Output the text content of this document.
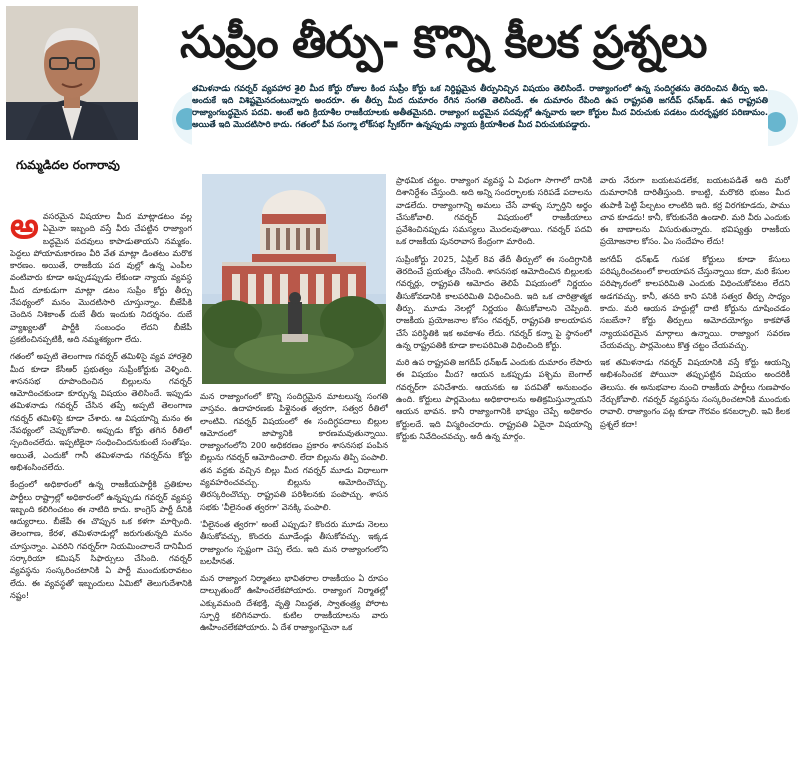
గుమ్మడిదల రంగారావు
సుప్రీం తీర్పు- కొన్ని కీలక ప్రశ్నలు
తమిళనాడు గవర్నర్ వ్యవహార శైలి మీద కోర్టు రోజుల కింద సుప్రీం కోర్టు ఒక నిర్దిష్టమైన తీర్పునిచ్చిన విషయం తెలిసిందే. రాజ్యాంగంలో ఉన్న సందిగ్ధతను తెరదించిన తీర్పు ఇది. అందుకే ఇది విశిష్టమైనదంటున్నారు అందరూ. ఈ తీర్పు మీద దుమారం రేగిన సంగతి తెలిసిందే. ఈ దుమారం రేపింది ఉప రాష్ట్రపతి జగదీప్ ధన్‌ఖడ్. ఉప రాష్ట్రపతి రాజ్యాంగబద్ధమైన పదవి. అంటే అది క్రియాశీల రాజకీయాలకు అతీతమైనది. రాజ్యాంగ బద్ధమైన పదవుల్లో ఉన్నవారు ఇలా కోర్టుల మీద విరుచుకు పడటం దురదృష్టకర పరిణామం. అయితే ఇది మొదటిసారి కాదు. గతంలో పీవ సంగ్మా లోక్‌సభ స్పీకర్‌గా ఉన్నప్పుడు న్యాయ క్రియాశీలత మీద విరుచుకుపడ్డారు.

అవసరమైన విషయాల మీద మాట్లాడటం వల్ల ఏమైనా ఇబ్బంది వస్తే వీరు చేపట్టిన రాజ్యాంగ బద్ధమైన పదవులు కాపాడుతాయని నమ్మకం. పెద్దలు పోయామకారణం వీరి వేత మాట్లా డింతటం మరొక కారణం. అయితే, రాజకీయ పద వుల్లో ఉన్న ఎంపీల వంటివారు కూడా అప్పుడప్పుడు లేకుండా న్యాయ వ్యవస్థ మీద దూకుడుగా మాట్లా డటం సుప్రీం కోర్టు తీర్పు నేపథ్యంలో మనం మొదటిసారి చూస్తున్నాం. బీజేపీకి చెందిన నిశికాంత్ దుబే తీరు ఇందుకు నిదర్శనం. దుబే వ్యాఖ్యలతో పార్టీకి సంబంధం లేదని బీజేపీ ప్రకటించినప్పటికీ, అది నమ్మశక్యంగా లేదు.

గతంలో అప్పటి తెలంగాణ గవర్నర్ తమిళిసై వ్యవ హారశైలి మీద కూడా కేసీఆర్ ప్రభుత్వం సుప్రీంకోర్టుకు వెళ్ళింది. శాసనసభ రూపొందించిన బిల్లులను గవర్నర్ ఆమోదించకుండా కూర్చున్న విషయం తెలిసిందే. ఇప్పుడు తమిళనాడు గవర్నర్ చేసిన తప్పే అప్పటి తెలంగాణ గవర్నర్ తమిళిసై కూడా చేశారు. ఆ విషయాన్ని మనం ఈ నేపథ్యంలో చెప్పుకోవాలి. అప్పుడు కోర్టు తగిన రీతిలో స్పందించలేదు. ఇప్పటికైనా సంధించిందనుకుంటే సంతోషం. అయితే, ఎందుకో గానీ తమిళనాడు గవర్నర్‌ను కోర్టు అభిశంసించలేదు.

కేంద్రంలో అధికారంలో ఉన్న రాజకీయపార్టీకి ప్రతికూల పార్టీలు రాష్ట్రాల్లో అధికారంలో ఉన్నప్పుడు గవర్నర్ వ్యవస్థ ఇబ్బంది కలిగించటం ఈ నాటిది కాదు. కాంగ్రెస్ పార్టీ దీనికి ఆద్యురాలు. బీజేపీ ఈ చొప్పున ఒక కళగా మార్చింది. తెలంగాణ, కేరళ, తమిళనాడుల్లో జరుగుతున్నది మనం చూస్తున్నాం. ఎవరిని గవర్నర్‌గా నియమించాలనే దానిమీద సర్కారియా కమిషన్ సిఫార్సులు చేసింది. గవర్నర్ వ్యవస్థను సంస్కరించటానికి ఏ పార్టీ ముందుకురావటం లేదు. ఈ వ్యవస్థతో ఇబ్బందులు ఏమిటో తెలుగుదేశానికి నష్టం!

మన రాజ్యాంగంలో కొన్ని సందిగ్ధమైన మాటలున్న సంగతి వాస్తవం. ఉదాహరణకు పిళ్లైనంత త్వరగా, సత్వర రీతిలో లాంటివి. గవర్నర్ విషయంలో ఈ సందిగ్ధపదాలు బిల్లుల ఆమోదంలో జాప్యానికి కారణమవుతున్నాయి. రాజ్యాంగంలోని 200 అధికరణం ప్రకారం శాసనసభ పంపిన బిల్లును గవర్నర్ ఆమోదించాలి. లేదా బిల్లును తిప్పి పంపాలి. తన వద్దకు వచ్చిన బిల్లు మీద గవర్నర్ మూడు విధాలుగా వ్యవహరించవచ్చు. బిల్లును ఆమోదించొచ్చు. తిరస్కరించొచ్చు. రాష్ట్రపతి పరిశీలనకు పంపొచ్చు. శాసన సభకు 'వీలైనంత త్వరగా' వెనక్కి పంపాలి.

'వీలైనంత త్వరగా' అంటే ఎప్పుడు? కొందరు మూడు నెలలు తీసుకోవచ్చు, కొందరు మూడేండ్లు తీసుకోవచ్చు. ఇక్కడ రాజ్యాంగం స్పష్టంగా చెప్ప లేదు. ఇది మన రాజ్యాంగంలోని బలహీనత.

మన రాజ్యాంగ నిర్మాతలు భావితరాల రాజకీయం ఏ రూపం దాల్చుతుందో ఊహించలేకపోయారు. రాజ్యాంగ నిర్మాతల్లో ఎక్కువమంది దేశభక్తి, వృత్తి నిబద్ధత, స్వాతంత్ర్య పోరాట స్ఫూర్తి కలిగినవారు. కుటిల రాజకీయాలను వారు ఊహించలేకపోయారు. ఏ దేశ రాజ్యాంగమైనా ఒక

ప్రాథమిక చట్టం. రాజ్యాంగ వ్యవస్థ ఏ విధంగా సాగాలో దానికి దిశానిర్దేశం చేస్తుంది. అది అన్ని సందర్భాలకు సరిపడే పదాలను వాడలేదు. రాజ్యాంగాన్ని అమలు చేసే వాళ్ళు స్ఫూర్తిని అర్థం చేసుకోవాలి. గవర్నర్ విషయంలో రాజకీయాలు ప్రవేశించినప్పుడు సమస్యలు మొదలవుతాయి. గవర్నర్ పదవి ఒక రాజకీయ పునరావాస కేంద్రంగా మారింది.

సుప్రీంకోర్టు 2025, ఏప్రిల్ 8వ తేదీ తీర్పులో ఈ సందిగ్ధానికి తెరదించే ప్రయత్నం చేసింది. శాసనసభ ఆమోదించిన బిల్లులకు గవర్నర్లు, రాష్ట్రపతి ఆమోదం తెలిపే విషయంలో నిర్ణయం తీసుకోవడానికి కాలపరిమితి విధించింది. ఇది ఒక చారిత్రాత్మక తీర్పు. మూడు నెలల్లో నిర్ణయం తీసుకోవాలని చెప్పింది. రాజకీయ ప్రయోజనాల కోసం గవర్నర్, రాష్ట్రపతి కాలయాపన చేసే పరిస్థితికి ఇక అవకాశం లేదు. గవర్నర్ కన్నా పై స్థానంలో ఉన్న రాష్ట్రపతికి కూడా కాలపరిమితి విధించింది కోర్టు.

మరి ఉప రాష్ట్రపతి జగదీప్ ధన్‌ఖడ్ ఎందుకు దుమారం లేపారు ఈ విషయం మీద? ఆయన ఒకప్పుడు పశ్చిమ బెంగాల్ గవర్నర్‌గా పనిచేశారు. ఆయనకు ఆ పదవితో అనుబంధం ఉంది. కోర్టులు పార్లమెంటు అధికారాలను అతిక్రమిస్తున్నాయని ఆయన భావన. కానీ రాజ్యాంగానికి భాష్యం చెప్పే అధికారం కోర్టులదే. ఇది విస్మరించరాదు. రాష్ట్రపతి ఏదైనా విషయాన్ని కోర్టుకు నివేదించవచ్చు. అదీ ఉన్న మార్గం.

వారు నేరుగా బయటపడలేక, బయటపడితే అది మరో దుమారానికి దారితీస్తుంది. కాబట్టి, మరొకరి భుజం మీద తుపాకీ పెట్టి పేల్చటం లాంటిది ఇది. కర్ర విరగకూడదు, పాము చావ కూడదు! కానీ, కోరుకునేది ఉండాలి. మరి వీరు ఎందుకు ఈ బాణాలను విసురుతున్నారు. భవిష్యత్తు రాజకీయ ప్రయోజనాల కోసం. ఏం సందేహం లేదు!

జగదీప్ ధన్‌ఖడ్ గుపక కోర్టులు కూడా కేసులు పరిష్కరించటంలో కాలయాపన చేస్తున్నాయి కదా, మరి కేసుల పరిష్కారంలో కాలపరిమితి ఎందుకు విధించుకోవటం లేదని అడగవచ్చు. కానీ, తనది కాని పనికి సత్వర తీర్పు సాధ్యం కాదు. మరి ఆయన హద్దుల్లో దాటి కోర్టును దూషించడం సబబేనా? కోర్టు తీర్పులు ఆమోదయోగ్యం కాకపోతే న్యాయపరమైన మార్గాలు ఉన్నాయి. రాజ్యాంగ సవరణ చేయవచ్చు. పార్లమెంటు కొత్త చట్టం చేయవచ్చు.

ఇక తమిళనాడు గవర్నర్ విషయానికి వస్తే కోర్టు ఆయన్ని అభిశంసించక పోయినా తప్పుపట్టిన విషయం అందరికీ తెలుసు. ఈ అనుభవాల నుంచి రాజకీయ పార్టీలు గుణపాఠం నేర్చుకోవాలి. గవర్నర్ వ్యవస్థను సంస్కరించటానికి ముందుకు రావాలి. రాజ్యాంగం పట్ల కూడా గౌరవం కనబర్చాలి. ఇవి కీలక ప్రశ్నలే కదా!
